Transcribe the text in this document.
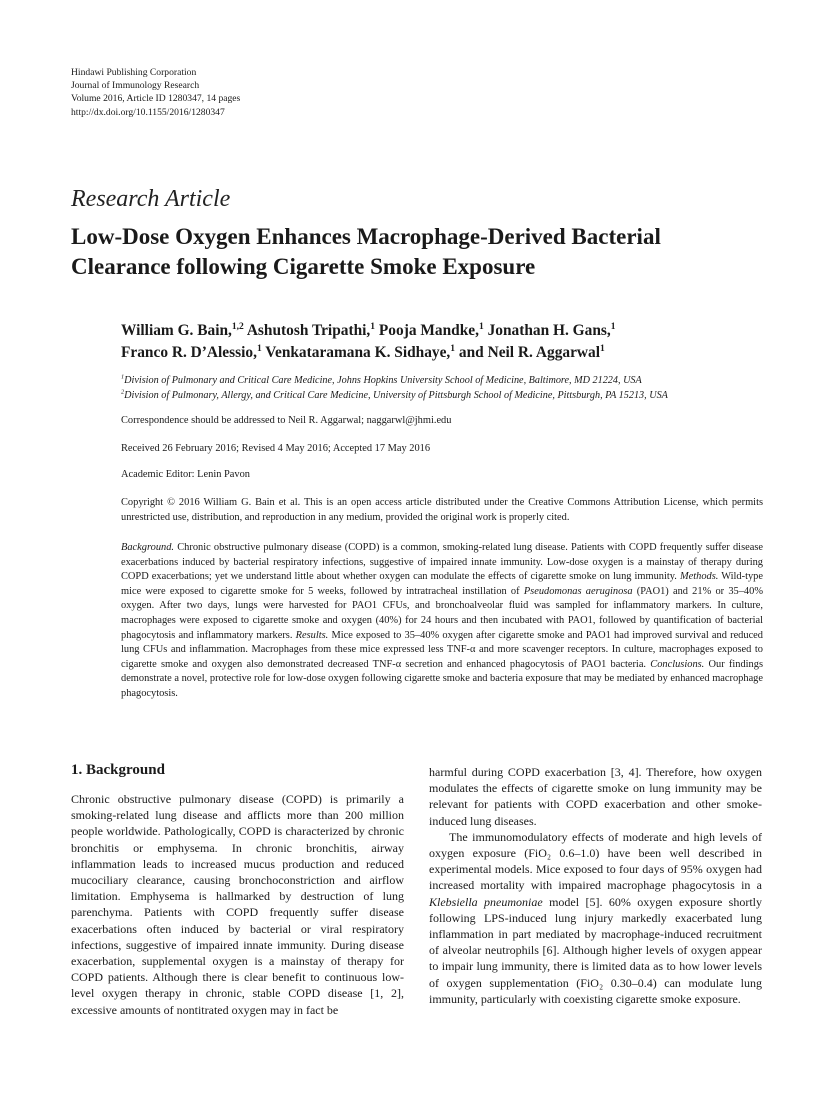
Hindawi Publishing Corporation
Journal of Immunology Research
Volume 2016, Article ID 1280347, 14 pages
http://dx.doi.org/10.1155/2016/1280347
Research Article
Low-Dose Oxygen Enhances Macrophage-Derived Bacterial
Clearance following Cigarette Smoke Exposure
William G. Bain,$^{1,2}$ Ashutosh Tripathi,$^1$ Pooja Mandke,$^1$ Jonathan H. Gans,$^1$
Franco R. D’Alessio,$^1$ Venkataramana K. Sidhaye,$^1$ and Neil R. Aggarwal$^1$
$^1$Division of Pulmonary and Critical Care Medicine, Johns Hopkins University School of Medicine, Baltimore, MD 21224, USA
$^2$Division of Pulmonary, Allergy, and Critical Care Medicine, University of Pittsburgh School of Medicine, Pittsburgh, PA 15213, USA
Correspondence should be addressed to Neil R. Aggarwal; naggarwl@jhmi.edu
Received 26 February 2016; Revised 4 May 2016; Accepted 17 May 2016
Academic Editor: Lenin Pavon
Copyright © 2016 William G. Bain et al. This is an open access article distributed under the Creative Commons Attribution License, which permits unrestricted use, distribution, and reproduction in any medium, provided the original work is properly cited.
Background. Chronic obstructive pulmonary disease (COPD) is a common, smoking-related lung disease. Patients with COPD frequently suffer disease exacerbations induced by bacterial respiratory infections, suggestive of impaired innate immunity. Low-dose oxygen is a mainstay of therapy during COPD exacerbations; yet we understand little about whether oxygen can modulate the effects of cigarette smoke on lung immunity. Methods. Wild-type mice were exposed to cigarette smoke for 5 weeks, followed by intratracheal instillation of Pseudomonas aeruginosa (PAO1) and 21% or 35–40% oxygen. After two days, lungs were harvested for PAO1 CFUs, and bronchoalveolar fluid was sampled for inflammatory markers. In culture, macrophages were exposed to cigarette smoke and oxygen (40%) for 24 hours and then incubated with PAO1, followed by quantification of bacterial phagocytosis and inflammatory markers. Results. Mice exposed to 35–40% oxygen after cigarette smoke and PAO1 had improved survival and reduced lung CFUs and inflammation. Macrophages from these mice expressed less TNF-α and more scavenger receptors. In culture, macrophages exposed to cigarette smoke and oxygen also demonstrated decreased TNF-α secretion and enhanced phagocytosis of PAO1 bacteria. Conclusions. Our findings demonstrate a novel, protective role for low-dose oxygen following cigarette smoke and bacteria exposure that may be mediated by enhanced macrophage phagocytosis.
1. Background

Chronic obstructive pulmonary disease (COPD) is primarily a smoking-related lung disease and afflicts more than 200 million people worldwide. Pathologically, COPD is characterized by chronic bronchitis or emphysema. In chronic bronchitis, airway inflammation leads to increased mucus production and reduced mucociliary clearance, causing bronchoconstriction and airflow limitation. Emphysema is hallmarked by destruction of lung parenchyma. Patients with COPD frequently suffer disease exacerbations often induced by bacterial or viral respiratory infections, suggestive of impaired innate immunity. During disease exacerbation, supplemental oxygen is a mainstay of therapy for COPD patients. Although there is clear benefit to continuous low-level oxygen therapy in chronic, stable COPD disease [1, 2], excessive amounts of nontitrated oxygen may in fact be

harmful during COPD exacerbation [3, 4]. Therefore, how oxygen modulates the effects of cigarette smoke on lung immunity may be relevant for patients with COPD exacerbation and other smoke-induced lung diseases.

The immunomodulatory effects of moderate and high levels of oxygen exposure (FiO₂ 0.6–1.0) have been well described in experimental models. Mice exposed to four days of 95% oxygen had increased mortality with impaired macrophage phagocytosis in a Klebsiella pneumoniae model [5]. 60% oxygen exposure shortly following LPS-induced lung injury markedly exacerbated lung inflammation in part mediated by macrophage-induced recruitment of alveolar neutrophils [6]. Although higher levels of oxygen appear to impair lung immunity, there is limited data as to how lower levels of oxygen supplementation (FiO₂ 0.30–0.4) can modulate lung immunity, particularly with coexisting cigarette smoke exposure.
